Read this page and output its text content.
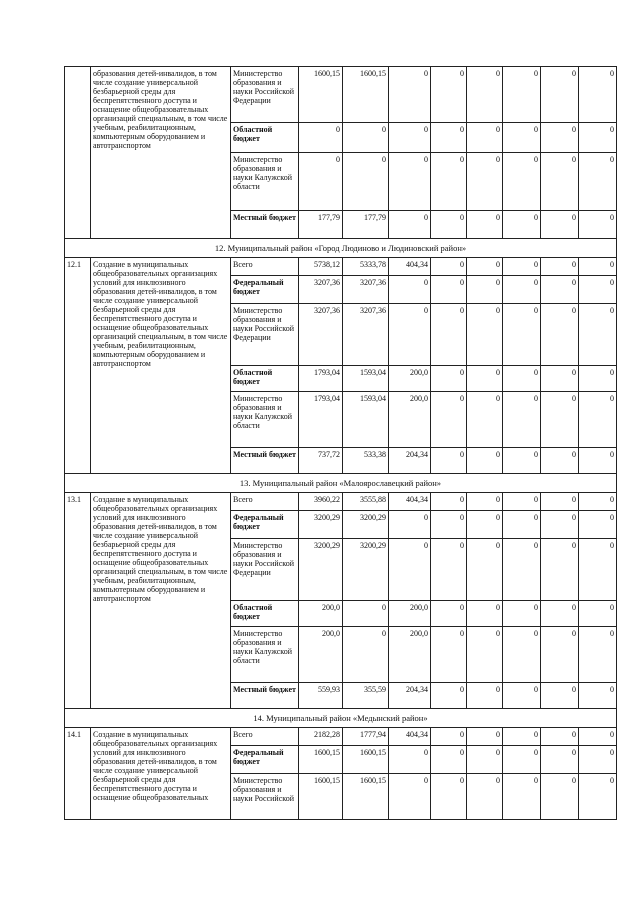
	образования детей-инвалидов, в том числе создание универсальной безбарьерной среды для беспрепятственного доступа и оснащение общеобразовательных организаций специальным, в том числе учебным, реабилитационным, компьютерным оборудованием и автотранспортом	Министерство образования и науки Российской Федерации	1600,15	1600,15	0	0	0	0	0	0
		Областной бюджет	0	0	0	0	0	0	0	0
		Министерство образования и науки Калужской области	0	0	0	0	0	0	0	0
		Местный бюджет	177,79	177,79	0	0	0	0	0	0
12. Муниципальный район «Город Людиново и Людиновский район»										
12.1	Создание в муниципальных общеобразовательных организациях условий для инклюзивного образования детей-инвалидов, в том числе создание универсальной безбарьерной среды для беспрепятственного доступа и оснащение общеобразовательных организаций специальным, в том числе учебным, реабилитационным, компьютерным оборудованием и автотранспортом	Всего	5738,12	5333,78	404,34	0	0	0	0	0
		Федеральный бюджет	3207,36	3207,36	0	0	0	0	0	0
		Министерство образования и науки Российской Федерации	3207,36	3207,36	0	0	0	0	0	0
		Областной бюджет	1793,04	1593,04	200,0	0	0	0	0	0
		Министерство образования и науки Калужской области	1793,04	1593,04	200,0	0	0	0	0	0
		Местный бюджет	737,72	533,38	204,34	0	0	0	0	0
13. Муниципальный район «Малоярославецкий район»										
13.1	Создание в муниципальных общеобразовательных организациях условий для инклюзивного образования детей-инвалидов, в том числе создание универсальной безбарьерной среды для беспрепятственного доступа и оснащение общеобразовательных организаций специальным, в том числе учебным, реабилитационным, компьютерным оборудованием и автотранспортом	Всего	3960,22	3555,88	404,34	0	0	0	0	0
		Федеральный бюджет	3200,29	3200,29	0	0	0	0	0	0
		Министерство образования и науки Российской Федерации	3200,29	3200,29	0	0	0	0	0	0
		Областной бюджет	200,0	0	200,0	0	0	0	0	0
		Министерство образования и науки Калужской области	200,0	0	200,0	0	0	0	0	0
		Местный бюджет	559,93	355,59	204,34	0	0	0	0	0
14. Муниципальный район «Медынский район»										
14.1	Создание в муниципальных общеобразовательных организациях условий для инклюзивного образования детей-инвалидов, в том числе создание универсальной безбарьерной среды для беспрепятственного доступа и оснащение общеобразовательных	Всего	2182,28	1777,94	404,34	0	0	0	0	0
		Федеральный бюджет	1600,15	1600,15	0	0	0	0	0	0
		Министерство образования и науки Российской	1600,15	1600,15	0	0	0	0	0	0
